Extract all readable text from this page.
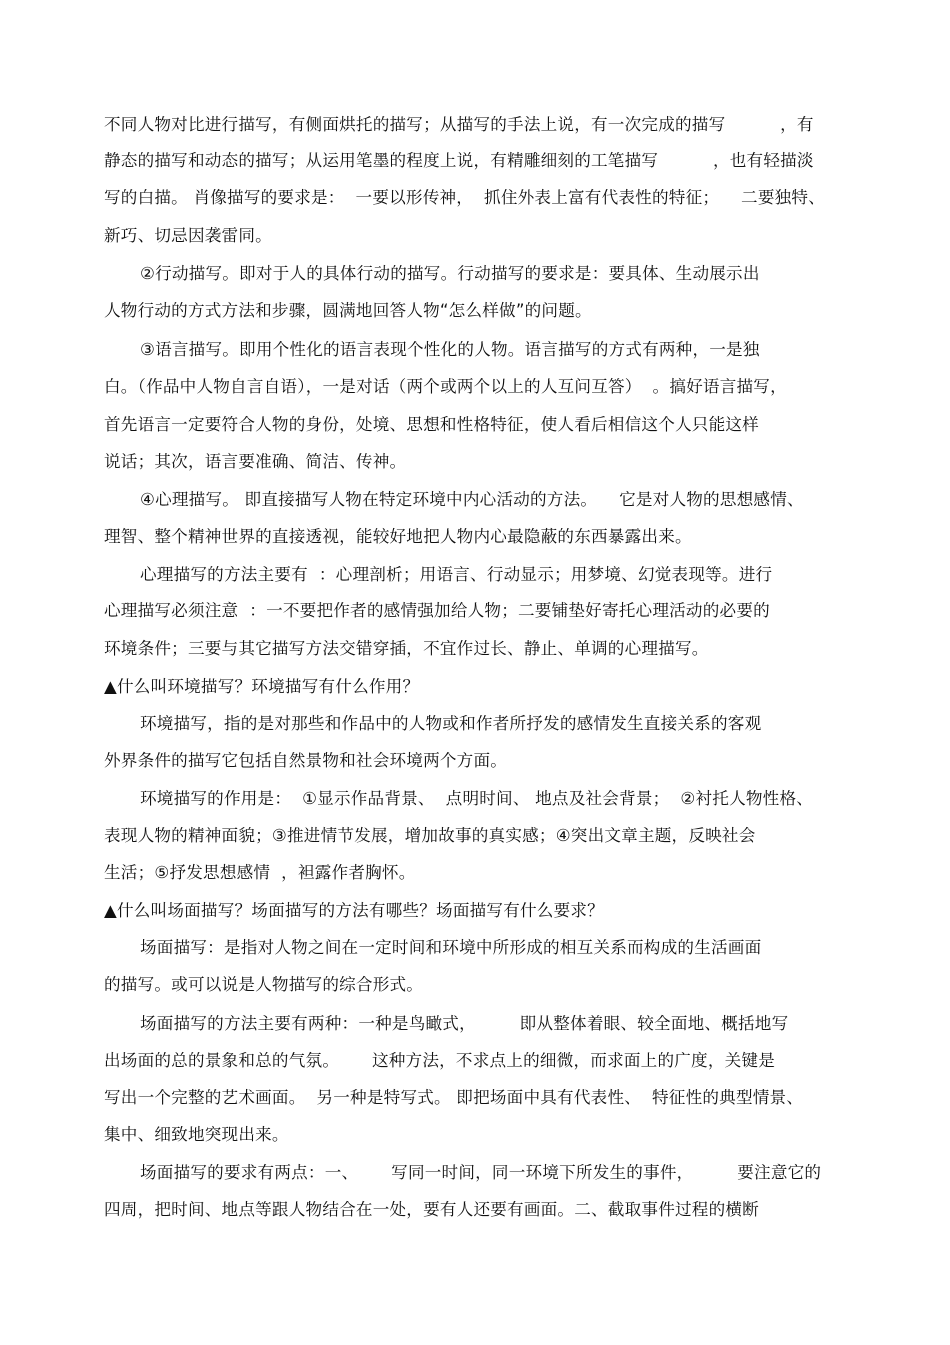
不同人物对比进行描写，有侧面烘托的描写；从描写的手法上说，有一次完成的描写          ，有
静态的描写和动态的描写；从运用笔墨的程度上说，有精雕细刻的工笔描写          ，也有轻描淡
写的白描。 肖像描写的要求是：  一要以形传神，  抓住外表上富有代表性的特征；    二要独特、
新巧、切忌因袭雷同。
②行动描写。即对于人的具体行动的描写。行动描写的要求是：要具体、生动展示出
人物行动的方式方法和步骤，圆满地回答人物“怎么样做”的问题。
③语言描写。即用个性化的语言表现个性化的人物。语言描写的方式有两种，一是独
白。（作品中人物自言自语），一是对话（两个或两个以上的人互问互答）  。搞好语言描写，
首先语言一定要符合人物的身份，处境、思想和性格特征，使人看后相信这个人只能这样
说话；其次，语言要准确、简洁、传神。
④心理描写。 即直接描写人物在特定环境中内心活动的方法。    它是对人物的思想感情、
理智、整个精神世界的直接透视，能较好地把人物内心最隐蔽的东西暴露出来。
心理描写的方法主要有  ：心理剖析；用语言、行动显示；用梦境、幻觉表现等。进行
心理描写必须注意  ：一不要把作者的感情强加给人物；二要铺垫好寄托心理活动的必要的
环境条件；三要与其它描写方法交错穿插，不宜作过长、静止、单调的心理描写。
▲什么叫环境描写？环境描写有什么作用？
环境描写，指的是对那些和作品中的人物或和作者所抒发的感情发生直接关系的客观
外界条件的描写它包括自然景物和社会环境两个方面。
环境描写的作用是：  ①显示作品背景、  点明时间、 地点及社会背景；  ②衬托人物性格、
表现人物的精神面貌；③推进情节发展，增加故事的真实感；④突出文章主题，反映社会
生活；⑤抒发思想感情  ，袒露作者胸怀。
▲什么叫场面描写？场面描写的方法有哪些？场面描写有什么要求？
场面描写：是指对人物之间在一定时间和环境中所形成的相互关系而构成的生活画面
的描写。或可以说是人物描写的综合形式。
场面描写的方法主要有两种：一种是鸟瞰式，        即从整体着眼、较全面地、概括地写
出场面的总的景象和总的气氛。      这种方法，不求点上的细微，而求面上的广度，关键是
写出一个完整的艺术画面。  另一种是特写式。 即把场面中具有代表性、  特征性的典型情景、
集中、细致地突现出来。
场面描写的要求有两点：一、      写同一时间，同一环境下所发生的事件，        要注意它的
四周，把时间、地点等跟人物结合在一处，要有人还要有画面。二、截取事件过程的横断
